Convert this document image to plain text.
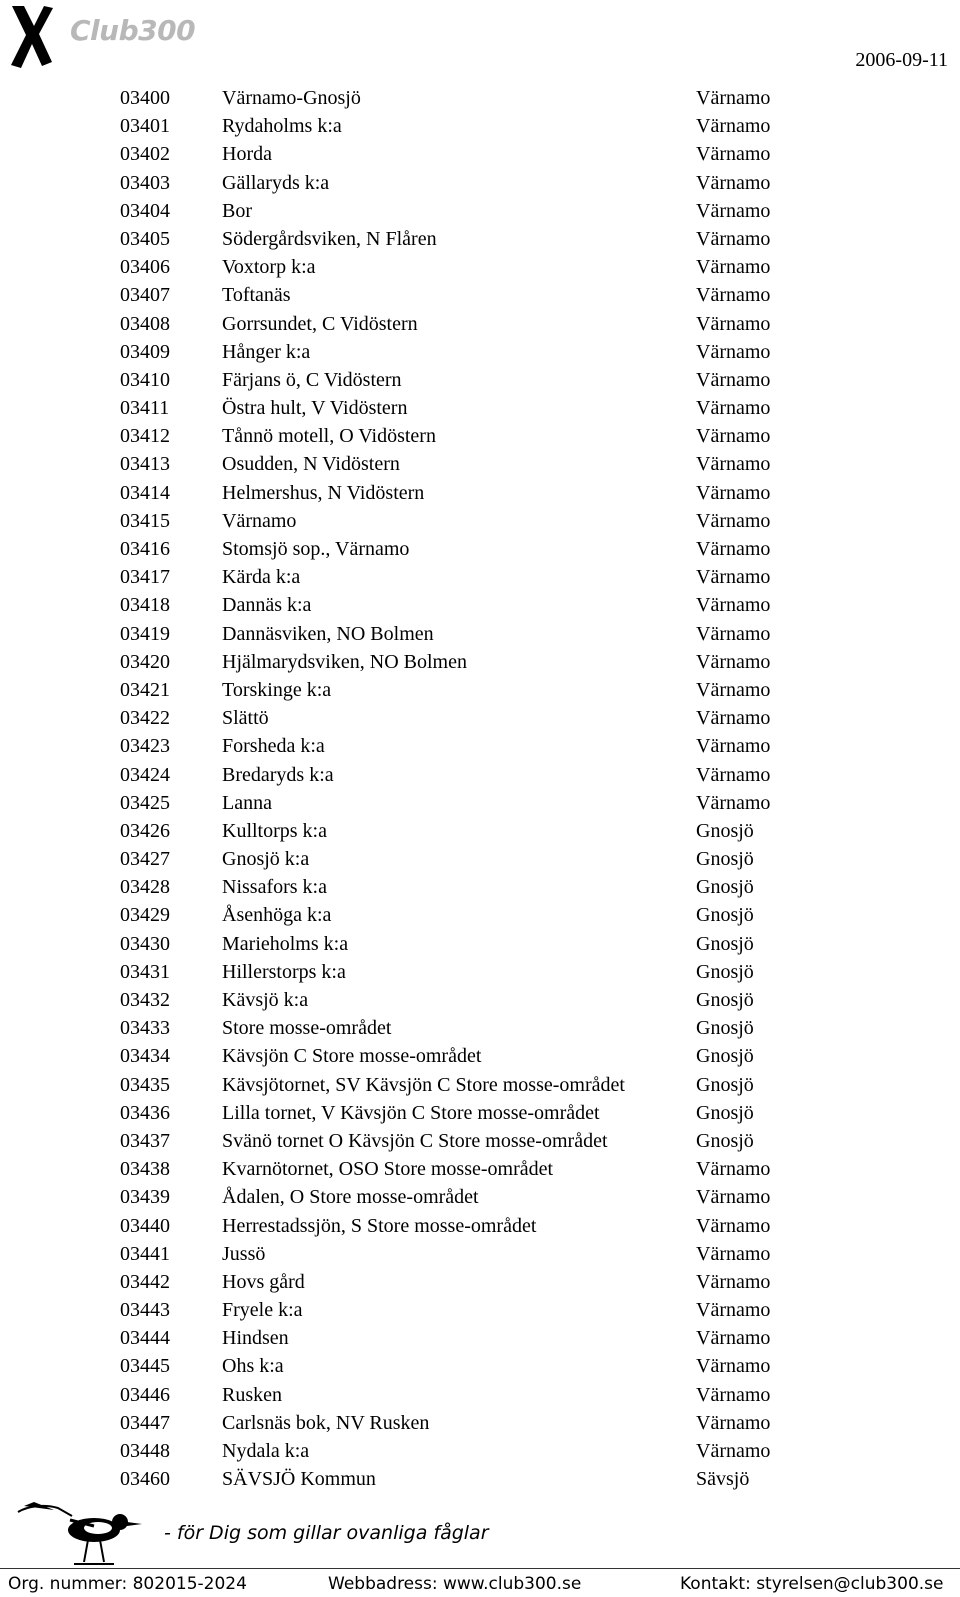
Club300
2006-09-11
03400	Värnamo-Gnosjö	Värnamo
03401	Rydaholms k:a	Värnamo
03402	Horda	Värnamo
03403	Gällaryds k:a	Värnamo
03404	Bor	Värnamo
03405	Södergårdsviken, N Flåren	Värnamo
03406	Voxtorp k:a	Värnamo
03407	Toftanäs	Värnamo
03408	Gorrsundet, C Vidöstern	Värnamo
03409	Hånger k:a	Värnamo
03410	Färjans ö, C Vidöstern	Värnamo
03411	Östra hult, V Vidöstern	Värnamo
03412	Tånnö motell, O Vidöstern	Värnamo
03413	Osudden, N Vidöstern	Värnamo
03414	Helmershus, N Vidöstern	Värnamo
03415	Värnamo	Värnamo
03416	Stomsjö sop., Värnamo	Värnamo
03417	Kärda k:a	Värnamo
03418	Dannäs k:a	Värnamo
03419	Dannäsviken, NO Bolmen	Värnamo
03420	Hjälmarydsviken, NO Bolmen	Värnamo
03421	Torskinge k:a	Värnamo
03422	Slättö	Värnamo
03423	Forsheda k:a	Värnamo
03424	Bredaryds k:a	Värnamo
03425	Lanna	Värnamo
03426	Kulltorps k:a	Gnosjö
03427	Gnosjö k:a	Gnosjö
03428	Nissafors k:a	Gnosjö
03429	Åsenhöga k:a	Gnosjö
03430	Marieholms k:a	Gnosjö
03431	Hillerstorps k:a	Gnosjö
03432	Kävsjö k:a	Gnosjö
03433	Store mosse-området	Gnosjö
03434	Kävsjön C Store mosse-området	Gnosjö
03435	Kävsjötornet, SV Kävsjön C Store mosse-området	Gnosjö
03436	Lilla tornet, V Kävsjön C Store mosse-området	Gnosjö
03437	Svänö tornet O Kävsjön C Store mosse-området	Gnosjö
03438	Kvarnötornet, OSO Store mosse-området	Värnamo
03439	Ådalen, O Store mosse-området	Värnamo
03440	Herrestadssjön, S Store mosse-området	Värnamo
03441	Jussö	Värnamo
03442	Hovs gård	Värnamo
03443	Fryele k:a	Värnamo
03444	Hindsen	Värnamo
03445	Ohs k:a	Värnamo
03446	Rusken	Värnamo
03447	Carlsnäs bok, NV Rusken	Värnamo
03448	Nydala k:a	Värnamo
03460	SÄVSJÖ Kommun	Sävsjö
- för Dig som gillar ovanliga fåglar
Org. nummer: 802015-2024	Webbadress: www.club300.se	Kontakt: styrelsen@club300.se
